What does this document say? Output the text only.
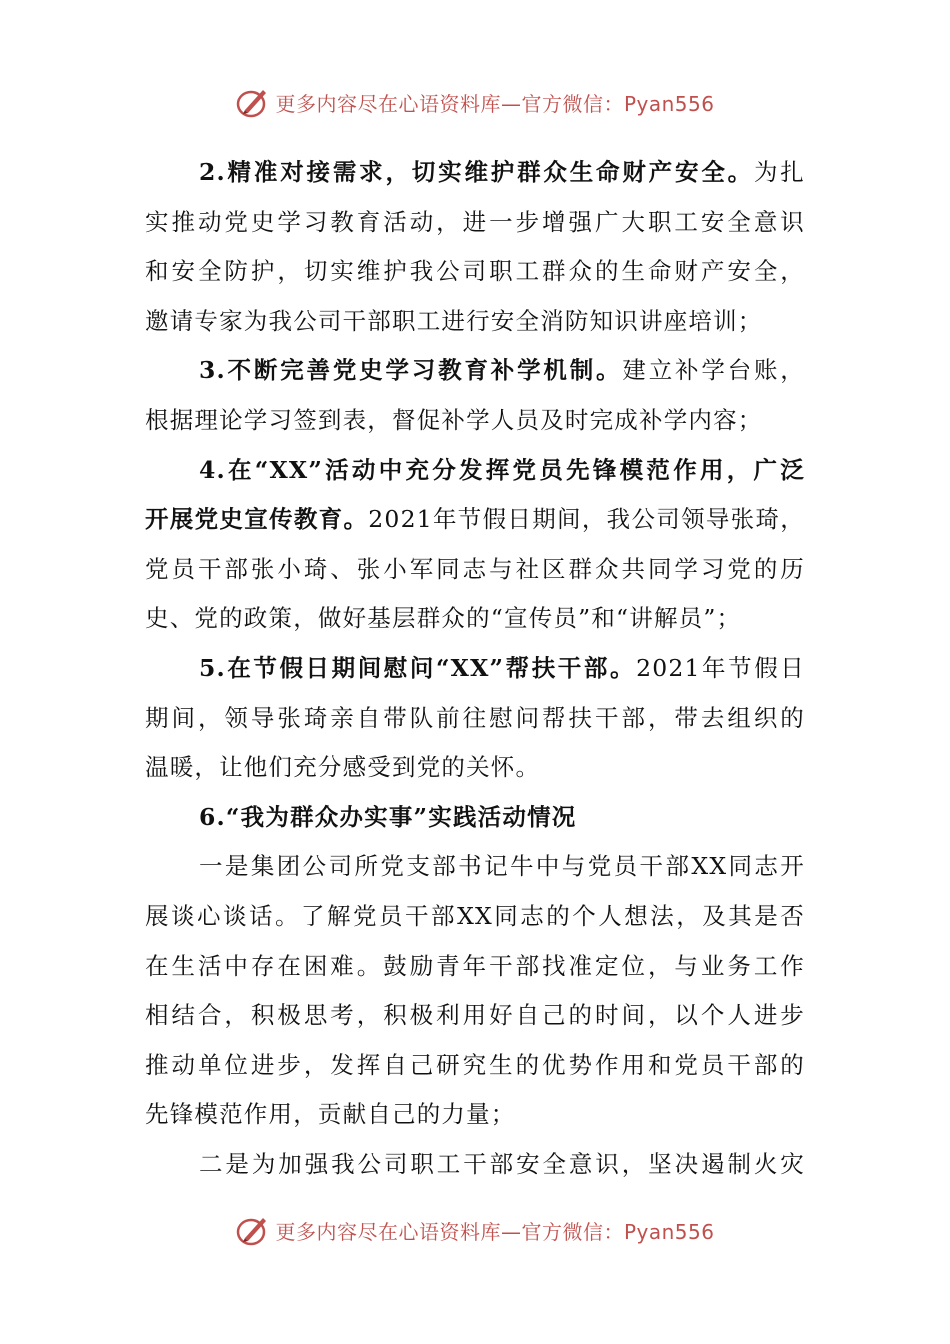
更多内容尽在心语资料库—官方微信：Pyan556

2.精准对接需求，切实维护群众生命财产安全。为扎

实推动党史学习教育活动，进一步增强广大职工安全意识

和安全防护，切实维护我公司职工群众的生命财产安全，

邀请专家为我公司干部职工进行安全消防知识讲座培训；

3.不断完善党史学习教育补学机制。建立补学台账，

根据理论学习签到表，督促补学人员及时完成补学内容；

4.在“XX”活动中充分发挥党员先锋模范作用，广泛

开展党史宣传教育。2021年节假日期间，我公司领导张琦，

党员干部张小琦、张小军同志与社区群众共同学习党的历

史、党的政策，做好基层群众的“宣传员”和“讲解员”；

5.在节假日期间慰问“XX”帮扶干部。2021年节假日

期间，领导张琦亲自带队前往慰问帮扶干部，带去组织的

温暖，让他们充分感受到党的关怀。

6.“我为群众办实事”实践活动情况

一是集团公司所党支部书记牛中与党员干部XX同志开

展谈心谈话。了解党员干部XX同志的个人想法，及其是否

在生活中存在困难。鼓励青年干部找准定位，与业务工作

相结合，积极思考，积极利用好自己的时间，以个人进步

推动单位进步，发挥自己研究生的优势作用和党员干部的

先锋模范作用，贡献自己的力量；

二是为加强我公司职工干部安全意识，坚决遏制火灾

更多内容尽在心语资料库—官方微信：Pyan556
